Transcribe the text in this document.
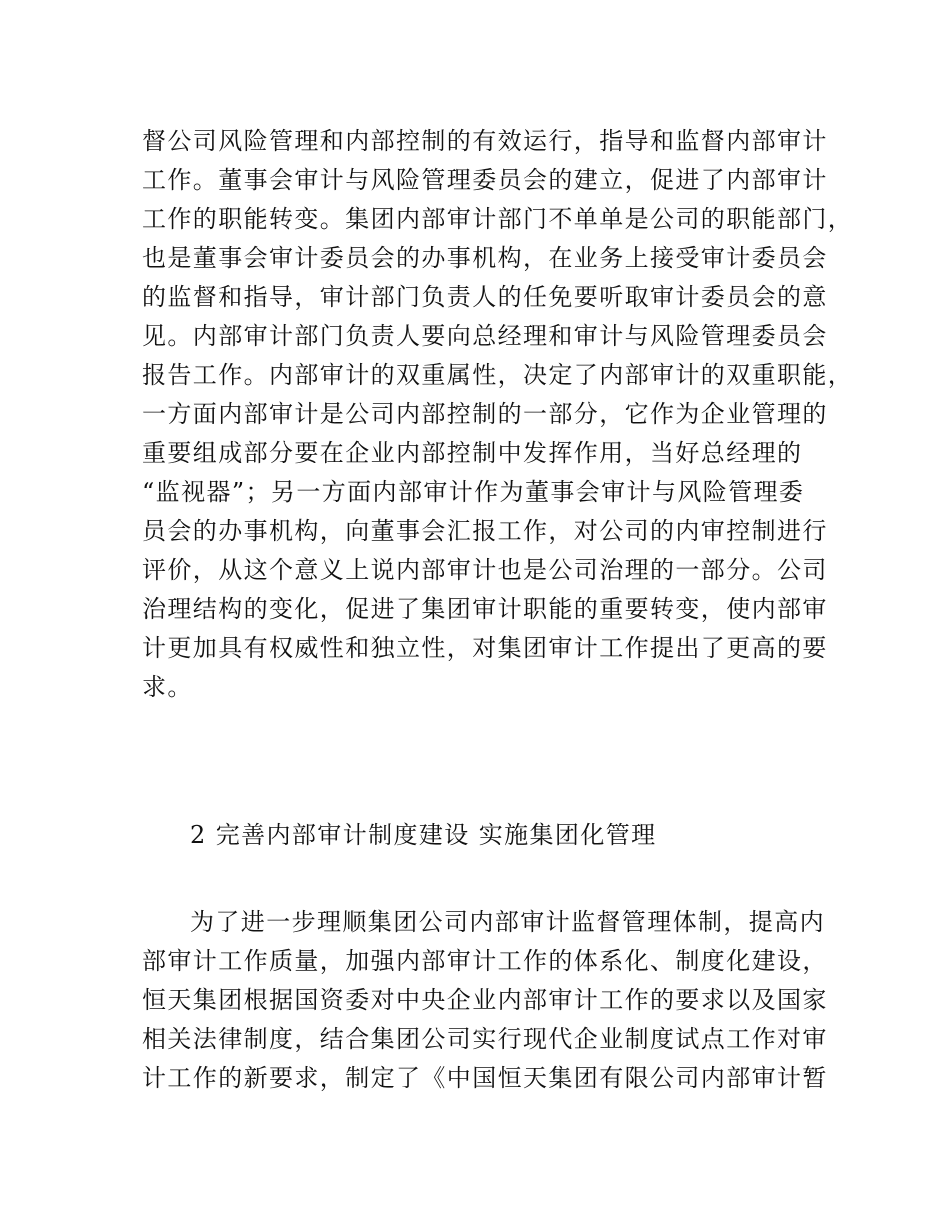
督公司风险管理和内部控制的有效运行，指导和监督内部审计
工作。董事会审计与风险管理委员会的建立，促进了内部审计
工作的职能转变。集团内部审计部门不单单是公司的职能部门，
也是董事会审计委员会的办事机构，在业务上接受审计委员会
的监督和指导，审计部门负责人的任免要听取审计委员会的意
见。内部审计部门负责人要向总经理和审计与风险管理委员会
报告工作。内部审计的双重属性，决定了内部审计的双重职能，
一方面内部审计是公司内部控制的一部分，它作为企业管理的
重要组成部分要在企业内部控制中发挥作用，当好总经理的
“监视器”；另一方面内部审计作为董事会审计与风险管理委
员会的办事机构，向董事会汇报工作，对公司的内审控制进行
评价，从这个意义上说内部审计也是公司治理的一部分。公司
治理结构的变化，促进了集团审计职能的重要转变，使内部审
计更加具有权威性和独立性，对集团审计工作提出了更高的要
求。
2 完善内部审计制度建设 实施集团化管理
为了进一步理顺集团公司内部审计监督管理体制，提高内
部审计工作质量，加强内部审计工作的体系化、制度化建设，
恒天集团根据国资委对中央企业内部审计工作的要求以及国家
相关法律制度，结合集团公司实行现代企业制度试点工作对审
计工作的新要求，制定了《中国恒天集团有限公司内部审计暂
